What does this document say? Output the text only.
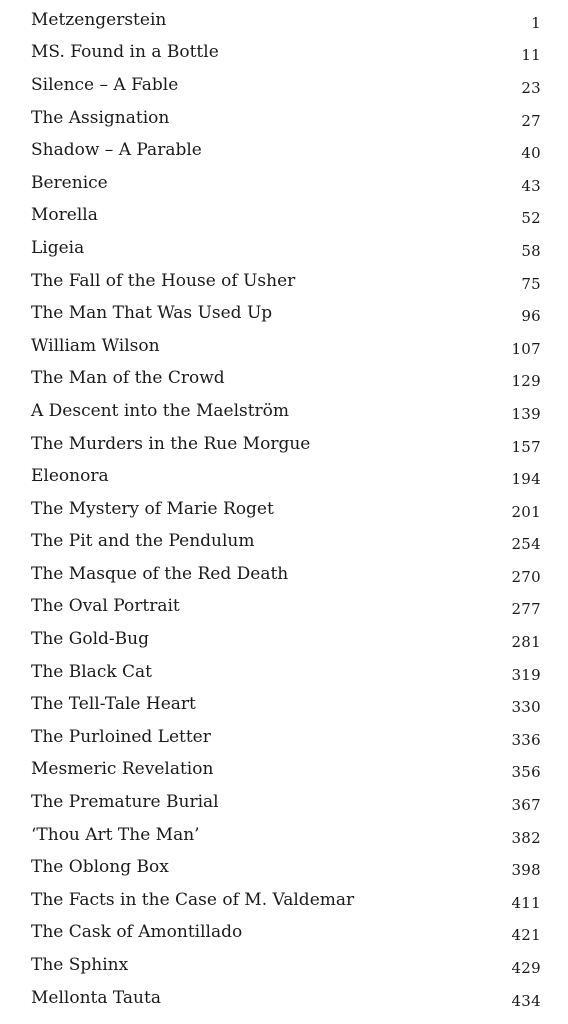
Metzengerstein	1
MS. Found in a Bottle	11
Silence – A Fable	23
The Assignation	27
Shadow – A Parable	40
Berenice	43
Morella	52
Ligeia	58
The Fall of the House of Usher	75
The Man That Was Used Up	96
William Wilson	107
The Man of the Crowd	129
A Descent into the Maelström	139
The Murders in the Rue Morgue	157
Eleonora	194
The Mystery of Marie Roget	201
The Pit and the Pendulum	254
The Masque of the Red Death	270
The Oval Portrait	277
The Gold-Bug	281
The Black Cat	319
The Tell-Tale Heart	330
The Purloined Letter	336
Mesmeric Revelation	356
The Premature Burial	367
‘Thou Art The Man’	382
The Oblong Box	398
The Facts in the Case of M. Valdemar	411
The Cask of Amontillado	421
The Sphinx	429
Mellonta Tauta	434
